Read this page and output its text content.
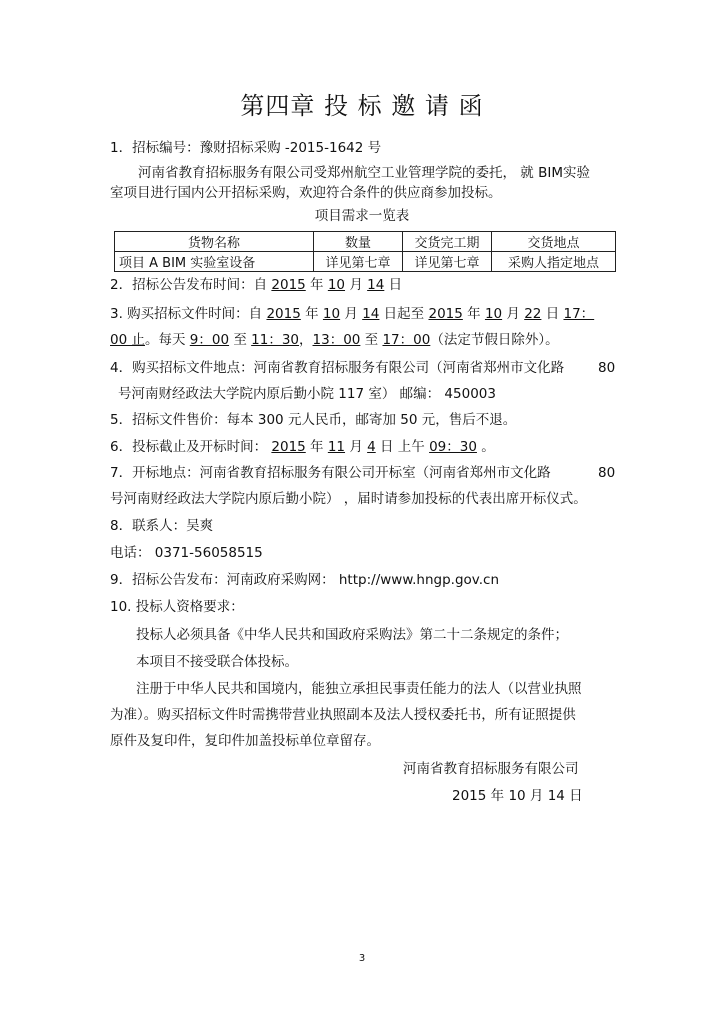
第四章 投 标 邀 请 函
1．招标编号：豫财招标采购 -2015-1642 号
河南省教育招标服务有限公司受郑州航空工业管理学院的委托， 就 BIM实验
室项目进行国内公开招标采购，欢迎符合条件的供应商参加投标。
项目需求一览表
货物名称	数量	交货完工期	交货地点
项目 A BIM 实验室设备	详见第七章	详见第七章	采购人指定地点
2．招标公告发布时间：自 2015 年 10 月 14 日
3. 购买招标文件时间：自 2015 年 10 月 14 日起至 2015 年 10 月 22 日 17：
00 止。每天 9：00 至 11：30，13：00 至 17：00（法定节假日除外）。
4．购买招标文件地点：河南省教育招标服务有限公司（河南省郑州市文化路	80
号河南财经政法大学院内原后勤小院 117 室） 邮编： 450003
5．招标文件售价：每本 300 元人民币，邮寄加 50 元，售后不退。
6．投标截止及开标时间： 2015 年 11 月 4 日 上午 09：30 。
7．开标地点：河南省教育招标服务有限公司开标室（河南省郑州市文化路	80
号河南财经政法大学院内原后勤小院） ，届时请参加投标的代表出席开标仪式。
8．联系人：吴爽
电话： 0371-56058515
9．招标公告发布：河南政府采购网： http://www.hngp.gov.cn
10. 投标人资格要求：
投标人必须具备《中华人民共和国政府采购法》第二十二条规定的条件；
本项目不接受联合体投标。
注册于中华人民共和国境内，能独立承担民事责任能力的法人（以营业执照
为准）。购买招标文件时需携带营业执照副本及法人授权委托书，所有证照提供
原件及复印件，复印件加盖投标单位章留存。
河南省教育招标服务有限公司
2015 年 10 月 14 日
3
